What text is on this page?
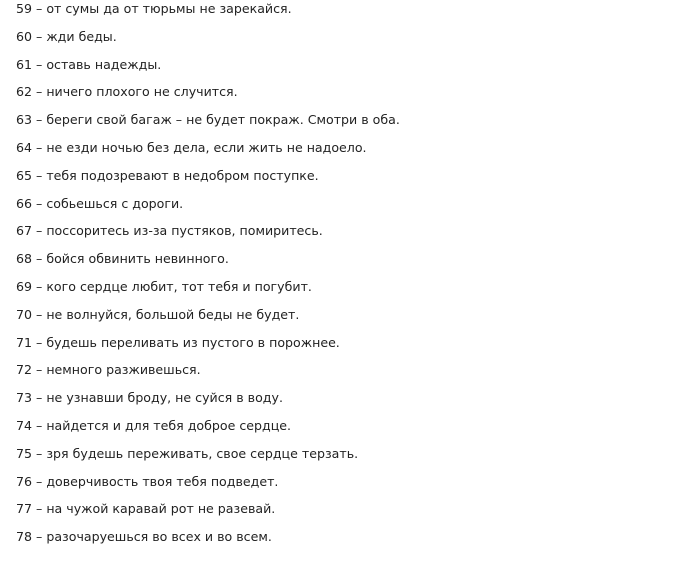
59 – от сумы да от тюрьмы не зарекайся.
60 – жди беды.
61 – оставь надежды.
62 – ничего плохого не случится.
63 – береги свой багаж – не будет покраж. Смотри в оба.
64 – не езди ночью без дела, если жить не надоело.
65 – тебя подозревают в недобром поступке.
66 – собьешься с дороги.
67 – поссоритесь из-за пустяков, помиритесь.
68 – бойся обвинить невинного.
69 – кого сердце любит, тот тебя и погубит.
70 – не волнуйся, большой беды не будет.
71 – будешь переливать из пустого в порожнее.
72 – немного разживешься.
73 – не узнавши броду, не суйся в воду.
74 – найдется и для тебя доброе сердце.
75 – зря будешь переживать, свое сердце терзать.
76 – доверчивость твоя тебя подведет.
77 – на чужой каравай рот не разевай.
78 – разочаруешься во всех и во всем.
